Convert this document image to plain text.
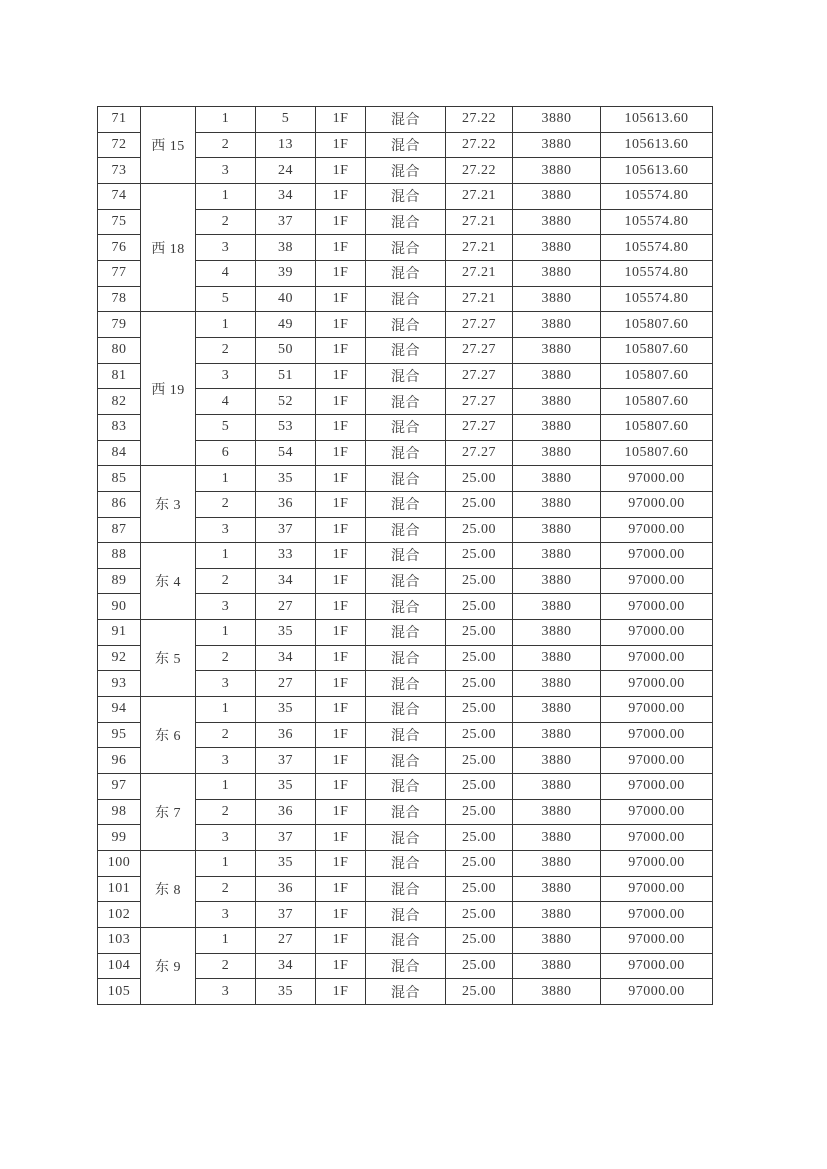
71	西 15	1	5	1F	混合	27.22	3880	105613.60
72		2	13	1F	混合	27.22	3880	105613.60
73		3	24	1F	混合	27.22	3880	105613.60
74	西 18	1	34	1F	混合	27.21	3880	105574.80
75		2	37	1F	混合	27.21	3880	105574.80
76		3	38	1F	混合	27.21	3880	105574.80
77		4	39	1F	混合	27.21	3880	105574.80
78		5	40	1F	混合	27.21	3880	105574.80
79	西 19	1	49	1F	混合	27.27	3880	105807.60
80		2	50	1F	混合	27.27	3880	105807.60
81		3	51	1F	混合	27.27	3880	105807.60
82		4	52	1F	混合	27.27	3880	105807.60
83		5	53	1F	混合	27.27	3880	105807.60
84		6	54	1F	混合	27.27	3880	105807.60
85	东 3	1	35	1F	混合	25.00	3880	97000.00
86		2	36	1F	混合	25.00	3880	97000.00
87		3	37	1F	混合	25.00	3880	97000.00
88	东 4	1	33	1F	混合	25.00	3880	97000.00
89		2	34	1F	混合	25.00	3880	97000.00
90		3	27	1F	混合	25.00	3880	97000.00
91	东 5	1	35	1F	混合	25.00	3880	97000.00
92		2	34	1F	混合	25.00	3880	97000.00
93		3	27	1F	混合	25.00	3880	97000.00
94	东 6	1	35	1F	混合	25.00	3880	97000.00
95		2	36	1F	混合	25.00	3880	97000.00
96		3	37	1F	混合	25.00	3880	97000.00
97	东 7	1	35	1F	混合	25.00	3880	97000.00
98		2	36	1F	混合	25.00	3880	97000.00
99		3	37	1F	混合	25.00	3880	97000.00
100	东 8	1	35	1F	混合	25.00	3880	97000.00
101		2	36	1F	混合	25.00	3880	97000.00
102		3	37	1F	混合	25.00	3880	97000.00
103	东 9	1	27	1F	混合	25.00	3880	97000.00
104		2	34	1F	混合	25.00	3880	97000.00
105		3	35	1F	混合	25.00	3880	97000.00
